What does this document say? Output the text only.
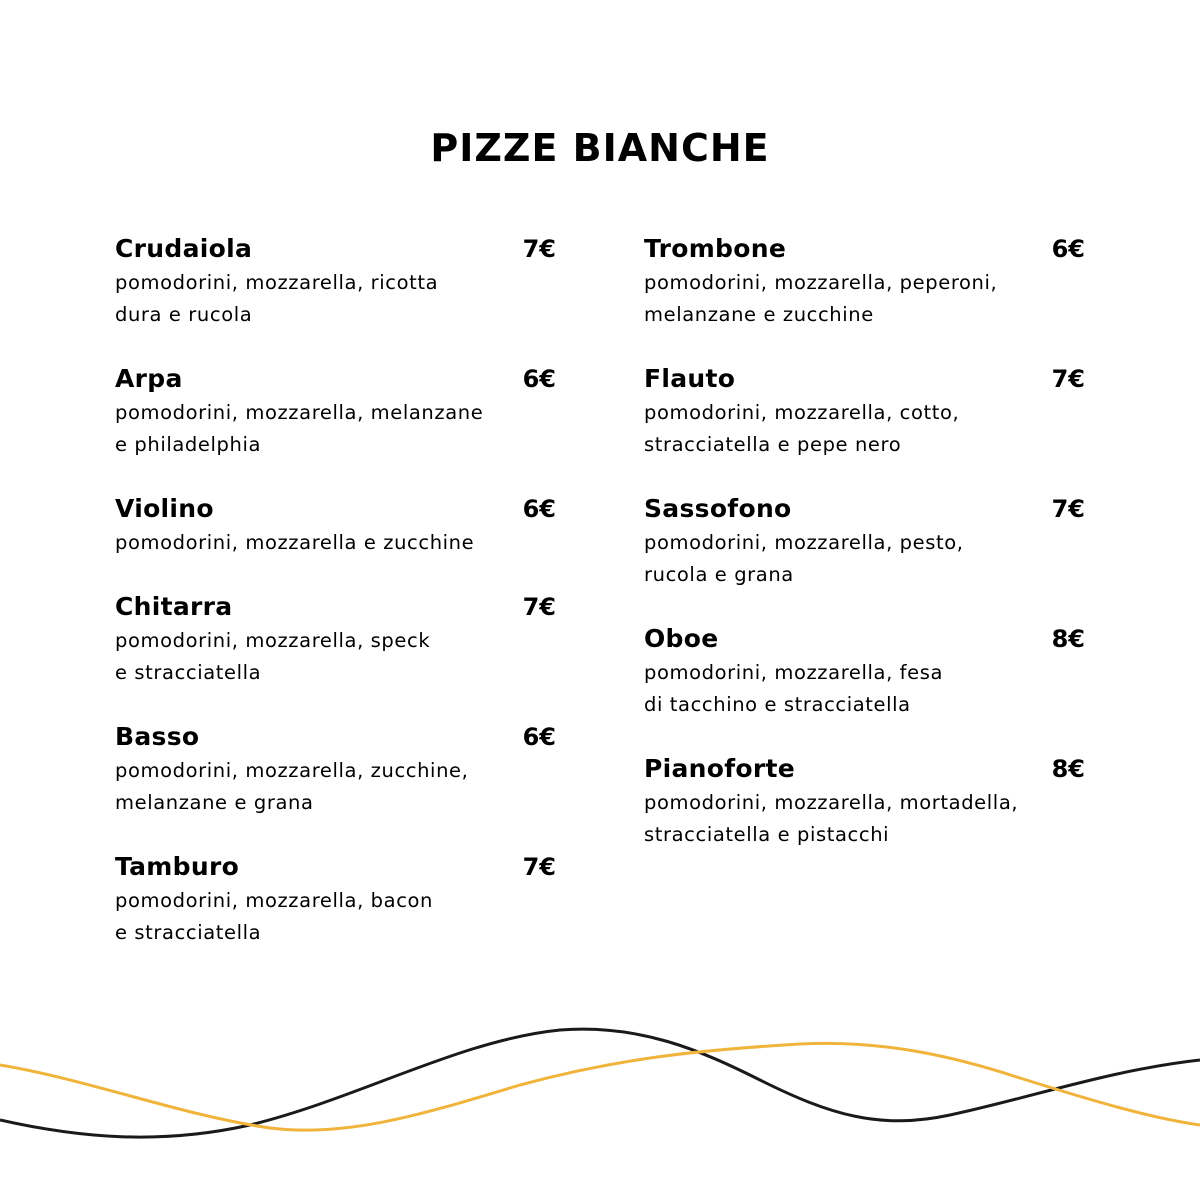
PIZZE BIANCHE
Crudaiola	7€
pomodorini, mozzarella, ricotta
dura e rucola
Arpa	6€
pomodorini, mozzarella, melanzane
e philadelphia
Violino	6€
pomodorini, mozzarella e zucchine
Chitarra	7€
pomodorini, mozzarella, speck
e stracciatella
Basso	6€
pomodorini, mozzarella, zucchine,
melanzane e grana
Tamburo	7€
pomodorini, mozzarella, bacon
e stracciatella
Trombone	6€
pomodorini, mozzarella, peperoni,
melanzane e zucchine
Flauto	7€
pomodorini, mozzarella, cotto,
stracciatella e pepe nero
Sassofono	7€
pomodorini, mozzarella, pesto,
rucola e grana
Oboe	8€
pomodorini, mozzarella, fesa
di tacchino e stracciatella
Pianoforte	8€
pomodorini, mozzarella, mortadella,
stracciatella e pistacchi
